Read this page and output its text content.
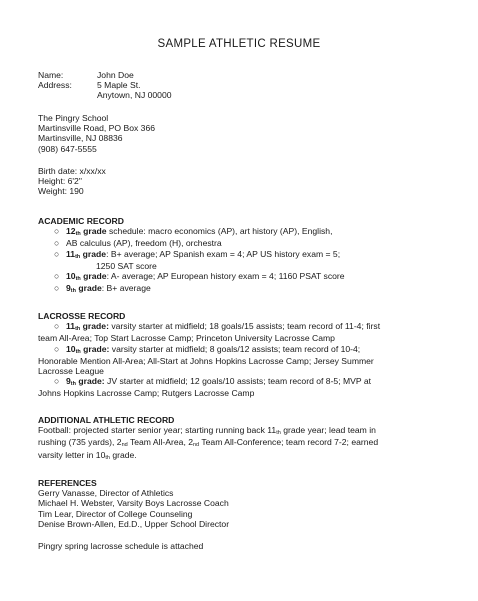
SAMPLE ATHLETIC RESUME
Name:	John Doe
Address:	5 Maple St.
Anytown, NJ 00000
The Pingry School
Martinsville Road, PO Box 366
Martinsville, NJ 08836
(908) 647-5555
Birth date: x/xx/xx
Height: 6'2"
Weight: 190
ACADEMIC RECORD
○ 12th grade schedule: macro economics (AP), art history (AP), English,
○ AB calculus (AP), freedom (H), orchestra
○ 11th grade: B+ average; AP Spanish exam = 4; AP US history exam = 5;
1250 SAT score
○ 10th grade: A- average; AP European history exam = 4; 1160 PSAT score
○ 9th grade: B+ average
LACROSSE RECORD
○ 11th grade: varsity starter at midfield; 18 goals/15 assists; team record of 11-4; first
team All-Area; Top Start Lacrosse Camp; Princeton University Lacrosse Camp
○ 10th grade: varsity starter at midfield; 8 goals/12 assists; team record of 10-4;
Honorable Mention All-Area; All-Start at Johns Hopkins Lacrosse Camp; Jersey Summer
Lacrosse League
○ 9th grade: JV starter at midfield; 12 goals/10 assists; team record of 8-5; MVP at
Johns Hopkins Lacrosse Camp; Rutgers Lacrosse Camp
ADDITIONAL ATHLETIC RECORD
Football: projected starter senior year; starting running back 11th grade year; lead team in
rushing (735 yards), 2nd Team All-Area, 2nd Team All-Conference; team record 7-2; earned
varsity letter in 10th grade.
REFERENCES
Gerry Vanasse, Director of Athletics
Michael H. Webster, Varsity Boys Lacrosse Coach
Tim Lear, Director of College Counseling
Denise Brown-Allen, Ed.D., Upper School Director
Pingry spring lacrosse schedule is attached
